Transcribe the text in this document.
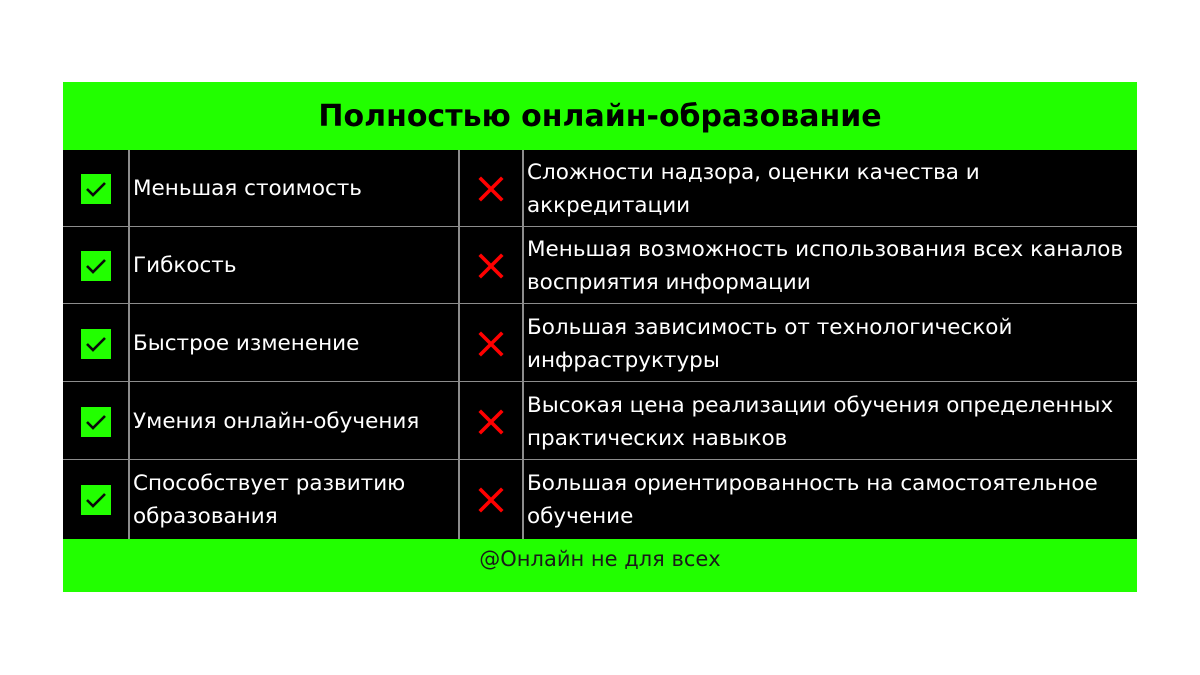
Полностью онлайн-образование
Меньшая стоимость
Сложности надзора, оценки качества и аккредитации
Гибкость
Меньшая возможность использования всех каналов восприятия информации
Быстрое изменение
Большая зависимость от технологической инфраструктуры
Умения онлайн-обучения
Высокая цена реализации обучения определенных практических навыков
Способствует развитию образования
Большая ориентированность на самостоятельное обучение
@Онлайн не для всех
